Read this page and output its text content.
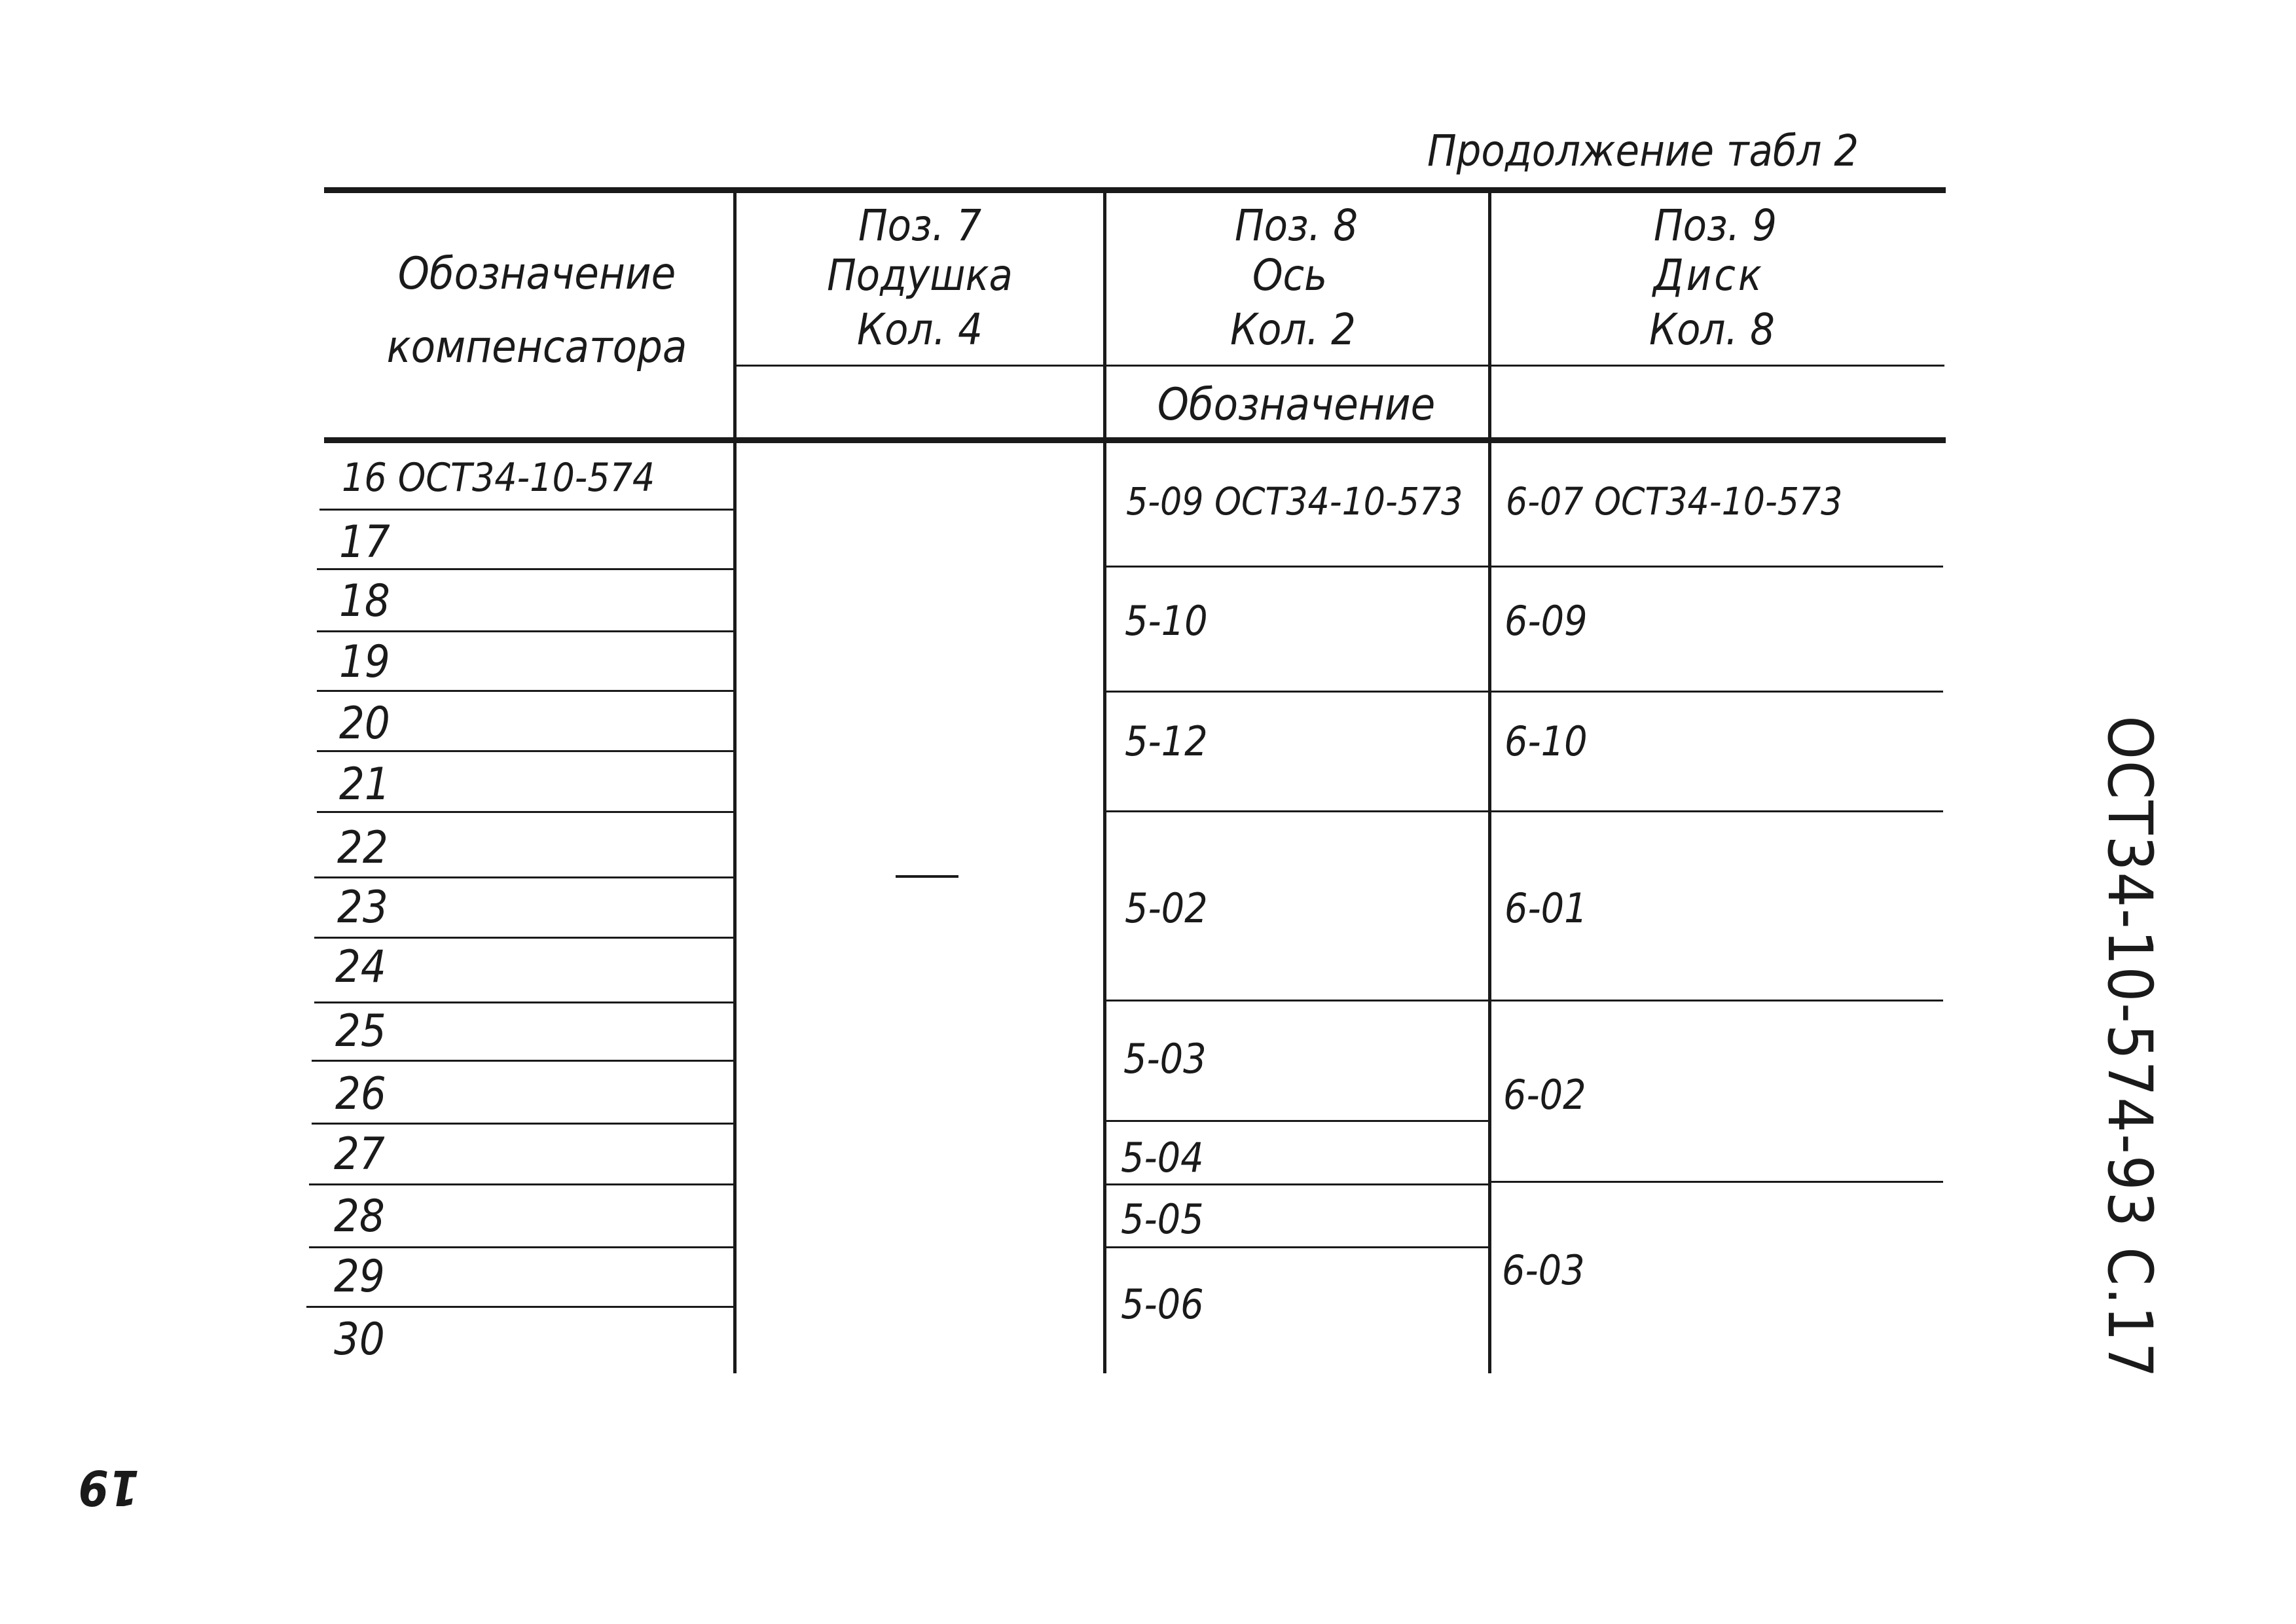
Продолжение табл 2
Обозначение
компенсатора
Поз. 7
Подушка
Кол. 4
Поз. 8
Ось
Кол. 2
Поз. 9
Диск
Кол. 8
Обозначение
16 ОСТ34-10-574
17
18
19
20
21
22
23
24
25
26
27
28
29
30
5-09 ОСТ34-10-573
5-10
5-12
5-02
5-03
5-04
5-05
5-06
6-07 ОСТ34-10-573
6-09
6-10
6-01
6-02
6-03	ОСТ34-10-574-93 С.17
19
